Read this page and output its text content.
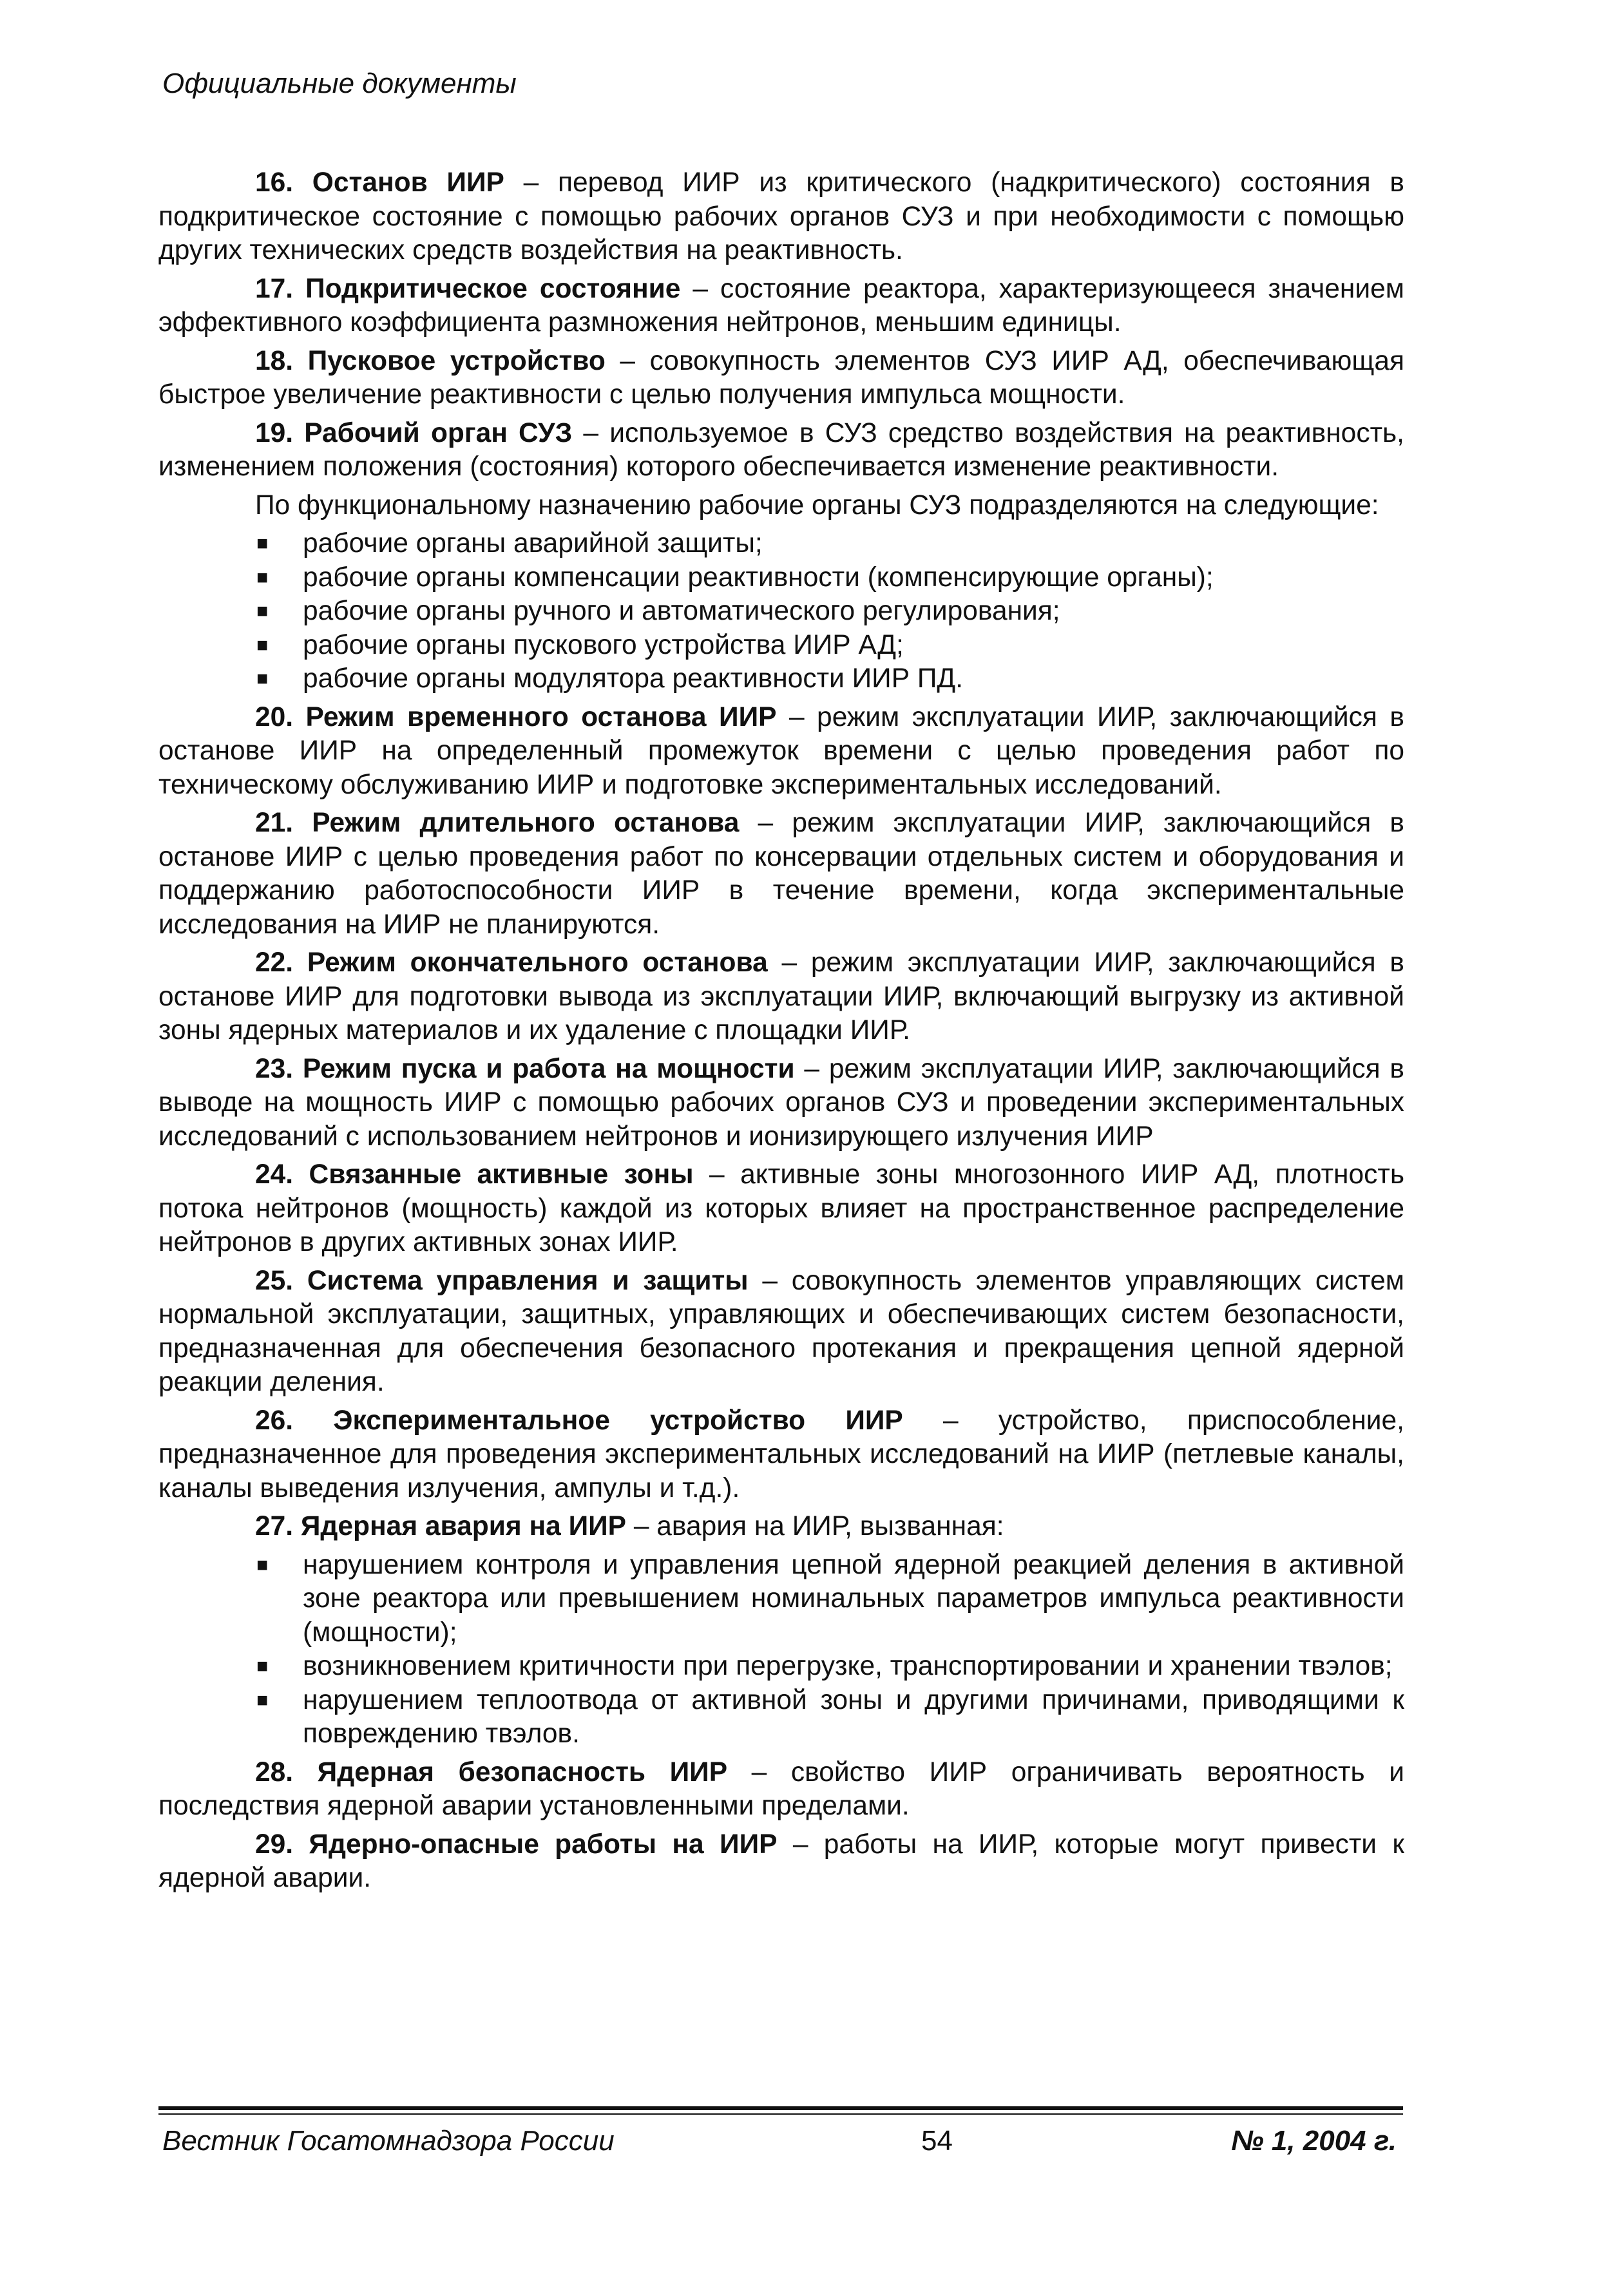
Официальные документы

16. Останов ИИР – перевод ИИР из критического (надкритического) состояния в подкритическое состояние с помощью рабочих органов СУЗ и при необходимости с помощью других технических средств воздействия на реактивность.

17. Подкритическое состояние – состояние реактора, характеризующееся значением эффективного коэффициента размножения нейтронов, меньшим единицы.

18. Пусковое устройство – совокупность элементов СУЗ ИИР АД, обеспечивающая быстрое увеличение реактивности с целью получения импульса мощности.

19. Рабочий орган СУЗ – используемое в СУЗ средство воздействия на реактивность, изменением положения (состояния) которого обеспечивается изменение реактивности.

По функциональному назначению рабочие органы СУЗ подразделяются на следующие:

■ рабочие органы аварийной защиты;
■ рабочие органы компенсации реактивности (компенсирующие органы);
■ рабочие органы ручного и автоматического регулирования;
■ рабочие органы пускового устройства ИИР АД;
■ рабочие органы модулятора реактивности ИИР ПД.

20. Режим временного останова ИИР – режим эксплуатации ИИР, заключающийся в останове ИИР на определенный промежуток времени с целью проведения работ по техническому обслуживанию ИИР и подготовке экспериментальных исследований.

21. Режим длительного останова – режим эксплуатации ИИР, заключающийся в останове ИИР с целью проведения работ по консервации отдельных систем и оборудования и поддержанию работоспособности ИИР в течение времени, когда экспериментальные исследования на ИИР не планируются.

22. Режим окончательного останова – режим эксплуатации ИИР, заключающийся в останове ИИР для подготовки вывода из эксплуатации ИИР, включающий выгрузку из активной зоны ядерных материалов и их удаление с площадки ИИР.

23. Режим пуска и работа на мощности – режим эксплуатации ИИР, заключающийся в выводе на мощность ИИР с помощью рабочих органов СУЗ и проведении экспериментальных исследований с использованием нейтронов и ионизирующего излучения ИИР

24. Связанные активные зоны – активные зоны многозонного ИИР АД, плотность потока нейтронов (мощность) каждой из которых влияет на пространственное распределение нейтронов в других активных зонах ИИР.

25. Система управления и защиты – совокупность элементов управляющих систем нормальной эксплуатации, защитных, управляющих и обеспечивающих систем безопасности, предназначенная для обеспечения безопасного протекания и прекращения цепной ядерной реакции деления.

26. Экспериментальное устройство ИИР – устройство, приспособление, предназначенное для проведения экспериментальных исследований на ИИР (петлевые каналы, каналы выведения излучения, ампулы и т.д.).

27. Ядерная авария на ИИР – авария на ИИР, вызванная:

■ нарушением контроля и управления цепной ядерной реакцией деления в активной зоне реактора или превышением номинальных параметров импульса реактивности (мощности);
■ возникновением критичности при перегрузке, транспортировании и хранении твэлов;
■ нарушением теплоотвода от активной зоны и другими причинами, приводящими к повреждению твэлов.

28. Ядерная безопасность ИИР – свойство ИИР ограничивать вероятность и последствия ядерной аварии установленными пределами.

29. Ядерно-опасные работы на ИИР – работы на ИИР, которые могут привести к ядерной аварии.

Вестник Госатомнадзора России	54	№ 1, 2004 г.
